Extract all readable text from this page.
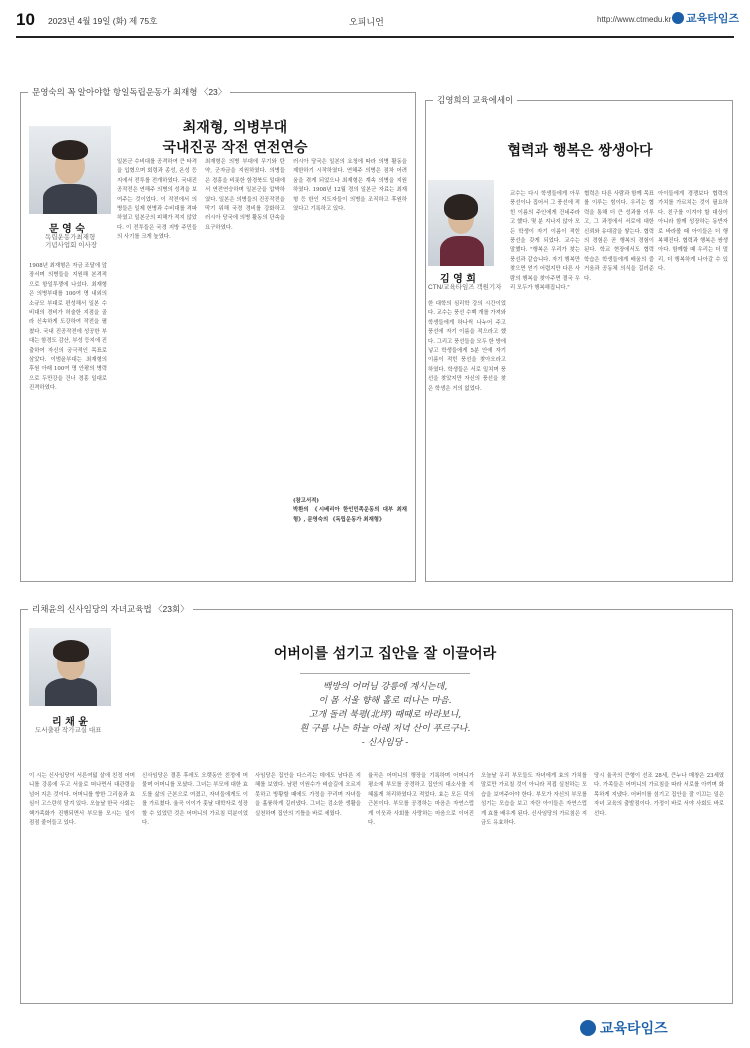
10 2023년 4월 19일 (화) 제 75호	오피니언	http://www.ctmedu.kr	교육타임즈
문영숙의 꼭 알아야할 항일독립운동가 최재형 〈23〉
최재형, 의병부대
국내진공 작전 연전연승
문 영 숙
독립운동가최재형
기념사업회 이사장
1908년 최재형은 자금 조달에 앞장서며 의병들을 지원해 본격적으로 항일투쟁에 나섰다. 최재형은 의병부대를 100여 명 내외의 소규모 부대로 편성해서 일본 수비대의 경비가 허술한 지점을 골라 신속하게 도강하여 작전을 펼쳤다. 국내 진공작전에 성공한 부대는 함경도 감산, 부성 등지에 진출하여 자신의 궁극적인 목표로 삼았다. 이범윤부대는 최재형의 후원 아래 100여 명 안팎의 병력으로 두만강을 건너 경흥 일대로 진격하였다.
일본군 수비대를 공격하여 큰 타격을 입혔으며 회령과 종성, 온성 등지에서 전투를 전개하였다. 국내진공작전은 연해주 의병의 성격을 보여주는 것이었다. 이 작전에서 의병들은 일제 헌병과 수비대를 격파하였고 일본군의 피해가 적지 않았다. 이 전투들은 국경 지방 주민들의 사기를 크게 높였다.
최재형은 의병 부대에 무기와 탄약, 군자금을 지원하였다. 의병들은 경흥을 비롯한 함경북도 일대에서 연전연승하며 일본군을 압박하였다. 일본은 의병들의 진공작전을 막기 위해 국경 경비를 강화하고 러시아 당국에 의병 활동의 단속을 요구하였다.
러시아 당국은 일본의 요청에 따라 의병 활동을 제한하기 시작하였다. 연해주 의병은 점차 어려움을 겪게 되었으나 최재형은 계속 의병을 지원하였다. 1908년 12월 경의 일본군 자료는 최재형 등 한인 지도자들이 의병을 조직하고 후원하였다고 기록하고 있다.
(참고서적)
박환의 《시베리아 한인민족운동의 대부 최재형》, 문영숙의 《독립운동가 최재형》
김영희의 교육에세이
협력과 행복은 쌍생아다
김 영 희
CTN/교육타임즈 객원기자
한 대학의 심리학 강의 시간이었다. 교수는 풍선 수백 개를 가져와 학생들에게 하나씩 나누어 주고 풍선에 자기 이름을 적으라고 했다. 그리고 풍선들을 모두 한 방에 넣고 학생들에게 5분 안에 자기 이름이 적힌 풍선을 찾아오라고 하였다. 학생들은 서로 밀치며 풍선을 찾았지만 자신의 풍선을 찾은 학생은 거의 없었다.
교수는 다시 학생들에게 아무 풍선이나 집어서 그 풍선에 적힌 이름의 주인에게 건네주라고 했다. 몇 분 지나지 않아 모든 학생이 자기 이름이 적힌 풍선을 갖게 되었다. 교수는 말했다. "행복은 우리가 찾는 풍선과 같습니다. 자기 행복만 찾으면 얻기 어렵지만 다른 사람의 행복을 찾아주면 결국 우리 모두가 행복해집니다."
협력은 다른 사람과 함께 목표를 이루는 힘이다. 우리는 협력을 통해 더 큰 성과를 이루고, 그 과정에서 서로에 대한 신뢰와 유대감을 쌓는다. 협력의 경험은 곧 행복의 경험이 된다. 학교 현장에서도 협력 학습은 학생들에게 배움의 즐거움과 공동체 의식을 길러준다.
아이들에게 경쟁보다 협력의 가치를 가르치는 것이 필요하다. 친구를 이겨야 할 대상이 아니라 함께 성장하는 동반자로 바라볼 때 아이들은 더 행복해진다. 협력과 행복은 쌍생아다. 함께할 때 우리는 더 멀리, 더 행복하게 나아갈 수 있다.
리채윤의 신사임당의 자녀교육법 〈23회〉
어버이를 섬기고 집안을 잘 이끌어라
리 채 윤
도서출판 작가교실 대표
백방의 어머님 강릉에 계시는데,
이 몸 서울 향해 홀로 떠나는 마음.
고개 돌려 북평(北坪) 때때로 바라보니,
흰 구름 나는 하늘 아래 저녁 산이 푸르구나.
- 신사임당 -
이 시는 신사임당이 서른여덟 살에 친정 어머니를 강릉에 두고 서울로 떠나면서 대관령을 넘어 지은 것이다. 어머니를 향한 그리움과 효심이 고스란히 담겨 있다. 오늘날 한국 사회는 핵가족화가 진행되면서 부모를 모시는 일이 점점 줄어들고 있다.
신사임당은 결혼 후에도 오랫동안 친정에 머물며 어머니를 모셨다. 그녀는 부모에 대한 효도를 삶의 근본으로 여겼고, 자녀들에게도 이를 가르쳤다. 율곡 이이가 훗날 대학자로 성장할 수 있었던 것은 어머니의 가르침 덕분이었다.
사임당은 집안을 다스리는 데에도 남다른 지혜를 보였다. 남편 이원수가 벼슬길에 오르지 못하고 방황할 때에도 가정을 꾸리며 자녀들을 훌륭하게 길러냈다. 그녀는 검소한 생활을 실천하며 집안의 기틀을 바로 세웠다.
율곡은 어머니의 행장을 기록하며 어머니가 평소에 부모를 공경하고 집안의 대소사를 지혜롭게 처리하였다고 적었다. 효는 모든 덕의 근본이다. 부모를 공경하는 마음은 자연스럽게 이웃과 사회를 사랑하는 마음으로 이어진다.
오늘날 우리 부모들도 자녀에게 효의 가치를 말로만 가르칠 것이 아니라 직접 실천하는 모습을 보여주어야 한다. 부모가 자신의 부모를 섬기는 모습을 보고 자란 아이들은 자연스럽게 효를 배우게 된다. 신사임당의 가르침은 지금도 유효하다.
당시 율곡의 큰형이 선조 28세, 큰누나 매창은 23세였다. 가족들은 어머니의 가르침을 따라 서로를 아끼며 화목하게 지냈다. 어버이를 섬기고 집안을 잘 이끄는 일은 자녀 교육의 출발점이다. 가정이 바로 서야 사회도 바로 선다.
교육타임즈
